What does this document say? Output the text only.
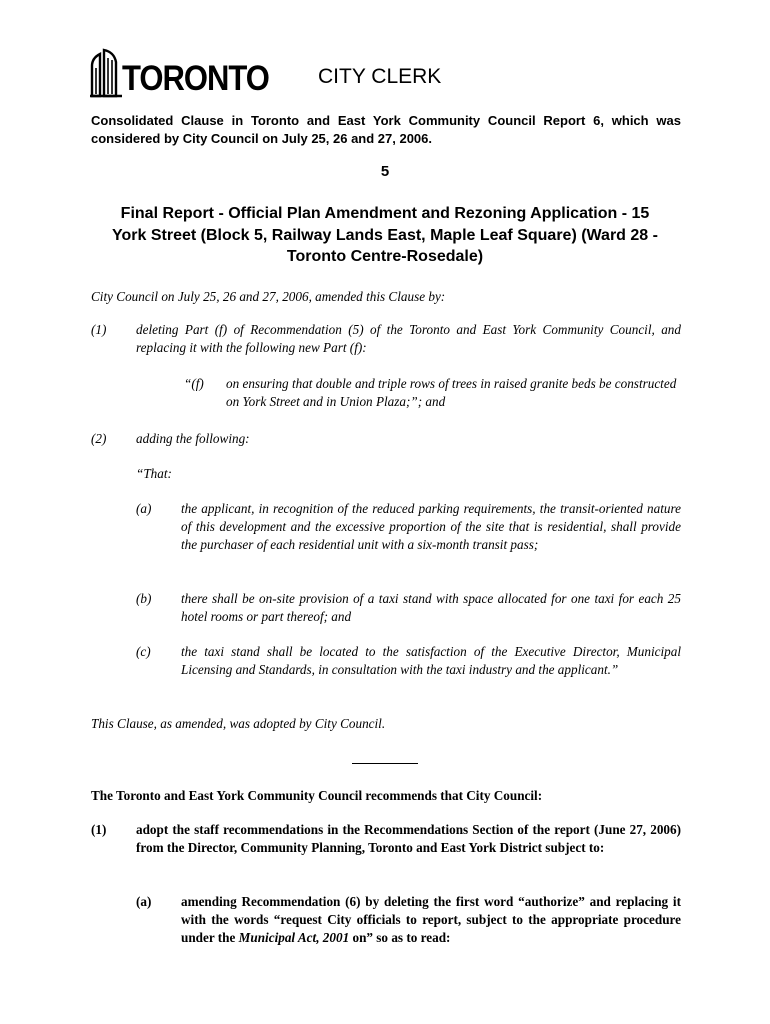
TORONTO CITY CLERK
Consolidated Clause in Toronto and East York Community Council Report 6, which was considered by City Council on July 25, 26 and 27, 2006.
5
Final Report - Official Plan Amendment and Rezoning Application - 15 York Street (Block 5, Railway Lands East, Maple Leaf Square) (Ward 28 - Toronto Centre-Rosedale)
City Council on July 25, 26 and 27, 2006, amended this Clause by:
(1) deleting Part (f) of Recommendation (5) of the Toronto and East York Community Council, and replacing it with the following new Part (f):
“(f) on ensuring that double and triple rows of trees in raised granite beds be constructed on York Street and in Union Plaza;”; and
(2) adding the following:
“That:
(a) the applicant, in recognition of the reduced parking requirements, the transit-oriented nature of this development and the excessive proportion of the site that is residential, shall provide the purchaser of each residential unit with a six-month transit pass;
(b) there shall be on-site provision of a taxi stand with space allocated for one taxi for each 25 hotel rooms or part thereof; and
(c) the taxi stand shall be located to the satisfaction of the Executive Director, Municipal Licensing and Standards, in consultation with the taxi industry and the applicant.”
This Clause, as amended, was adopted by City Council.
The Toronto and East York Community Council recommends that City Council:
(1) adopt the staff recommendations in the Recommendations Section of the report (June 27, 2006) from the Director, Community Planning, Toronto and East York District subject to:
(a) amending Recommendation (6) by deleting the first word “authorize” and replacing it with the words “request City officials to report, subject to the appropriate procedure under the Municipal Act, 2001 on” so as to read:
